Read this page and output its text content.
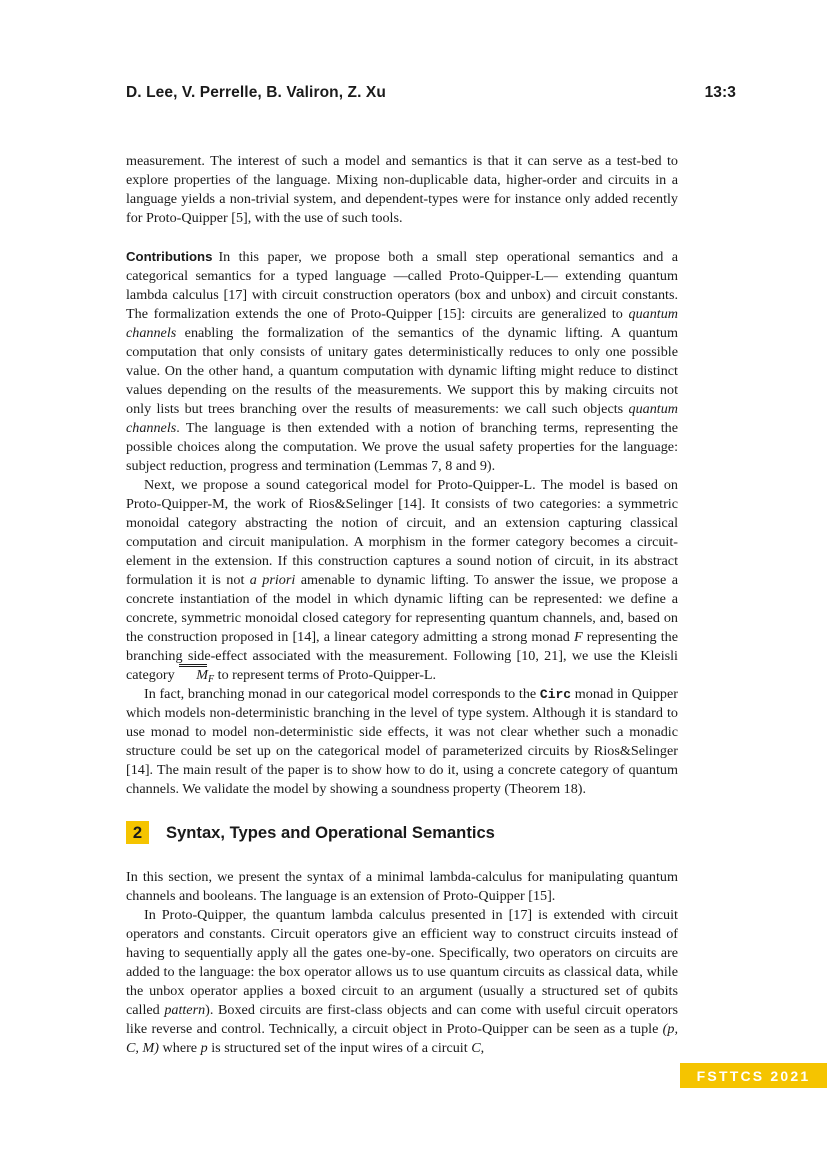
D. Lee, V. Perrelle, B. Valiron, Z. Xu	13:3

measurement. The interest of such a model and semantics is that it can serve as a test-bed to explore properties of the language. Mixing non-duplicable data, higher-order and circuits in a language yields a non-trivial system, and dependent-types were for instance only added recently for Proto-Quipper [5], with the use of such tools.

Contributions In this paper, we propose both a small step operational semantics and a categorical semantics for a typed language —called Proto-Quipper-L— extending quantum lambda calculus [17] with circuit construction operators (box and unbox) and circuit constants. The formalization extends the one of Proto-Quipper [15]: circuits are generalized to quantum channels enabling the formalization of the semantics of the dynamic lifting. A quantum computation that only consists of unitary gates deterministically reduces to only one possible value. On the other hand, a quantum computation with dynamic lifting might reduce to distinct values depending on the results of the measurements. We support this by making circuits not only lists but trees branching over the results of measurements: we call such objects quantum channels. The language is then extended with a notion of branching terms, representing the possible choices along the computation. We prove the usual safety properties for the language: subject reduction, progress and termination (Lemmas 7, 8 and 9).

Next, we propose a sound categorical model for Proto-Quipper-L. The model is based on Proto-Quipper-M, the work of Rios&Selinger [14]. It consists of two categories: a symmetric monoidal category abstracting the notion of circuit, and an extension capturing classical computation and circuit manipulation. A morphism in the former category becomes a circuit-element in the extension. If this construction captures a sound notion of circuit, in its abstract formulation it is not a priori amenable to dynamic lifting. To answer the issue, we propose a concrete instantiation of the model in which dynamic lifting can be represented: we define a concrete, symmetric monoidal closed category for representing quantum channels, and, based on the construction proposed in [14], a linear category admitting a strong monad F representing the branching side-effect associated with the measurement. Following [10, 21], we use the Kleisli category $M_F$ to represent terms of Proto-Quipper-L.

In fact, branching monad in our categorical model corresponds to the Circ monad in Quipper which models non-deterministic branching in the level of type system. Although it is standard to use monad to model non-deterministic side effects, it was not clear whether such a monadic structure could be set up on the categorical model of parameterized circuits by Rios&Selinger [14]. The main result of the paper is to show how to do it, using a concrete category of quantum channels. We validate the model by showing a soundness property (Theorem 18).

2	Syntax, Types and Operational Semantics

In this section, we present the syntax of a minimal lambda-calculus for manipulating quantum channels and booleans. The language is an extension of Proto-Quipper [15].

In Proto-Quipper, the quantum lambda calculus presented in [17] is extended with circuit operators and constants. Circuit operators give an efficient way to construct circuits instead of having to sequentially apply all the gates one-by-one. Specifically, two operators on circuits are added to the language: the box operator allows us to use quantum circuits as classical data, while the unbox operator applies a boxed circuit to an argument (usually a structured set of qubits called pattern). Boxed circuits are first-class objects and can come with useful circuit operators like reverse and control. Technically, a circuit object in Proto-Quipper can be seen as a tuple (p, C, M) where p is structured set of the input wires of a circuit C,

FSTTCS 2021
